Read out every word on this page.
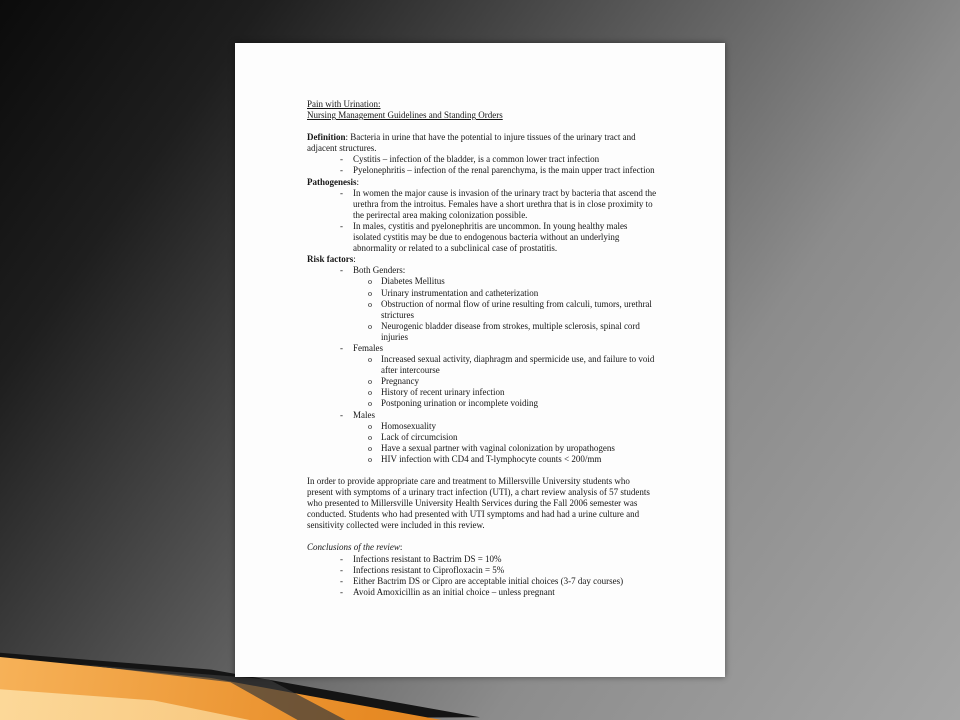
Pain with Urination:

Nursing Management Guidelines and Standing Orders

Definition: Bacteria in urine that have the potential to injure tissues of the urinary tract and adjacent structures.

- Cystitis – infection of the bladder, is a common lower tract infection

- Pyelonephritis – infection of the renal parenchyma, is the main upper tract infection

Pathogenesis:

- In women the major cause is invasion of the urinary tract by bacteria that ascend the urethra from the introitus. Females have a short urethra that is in close proximity to the perirectal area making colonization possible.

- In males, cystitis and pyelonephritis are uncommon. In young healthy males isolated cystitis may be due to endogenous bacteria without an underlying abnormality or related to a subclinical case of prostatitis.

Risk factors:

- Both Genders:

o Diabetes Mellitus

o Urinary instrumentation and catheterization

o Obstruction of normal flow of urine resulting from calculi, tumors, urethral strictures

o Neurogenic bladder disease from strokes, multiple sclerosis, spinal cord injuries

- Females

o Increased sexual activity, diaphragm and spermicide use, and failure to void after intercourse

o Pregnancy

o History of recent urinary infection

o Postponing urination or incomplete voiding

- Males

o Homosexuality

o Lack of circumcision

o Have a sexual partner with vaginal colonization by uropathogens

o HIV infection with CD4 and T-lymphocyte counts < 200/mm

In order to provide appropriate care and treatment to Millersville University students who present with symptoms of a urinary tract infection (UTI), a chart review analysis of 57 students who presented to Millersville University Health Services during the Fall 2006 semester was conducted. Students who had presented with UTI symptoms and had had a urine culture and sensitivity collected were included in this review.

Conclusions of the review:

- Infections resistant to Bactrim DS = 10%

- Infections resistant to Ciprofloxacin = 5%

- Either Bactrim DS or Cipro are acceptable initial choices (3-7 day courses)

- Avoid Amoxicillin as an initial choice – unless pregnant
